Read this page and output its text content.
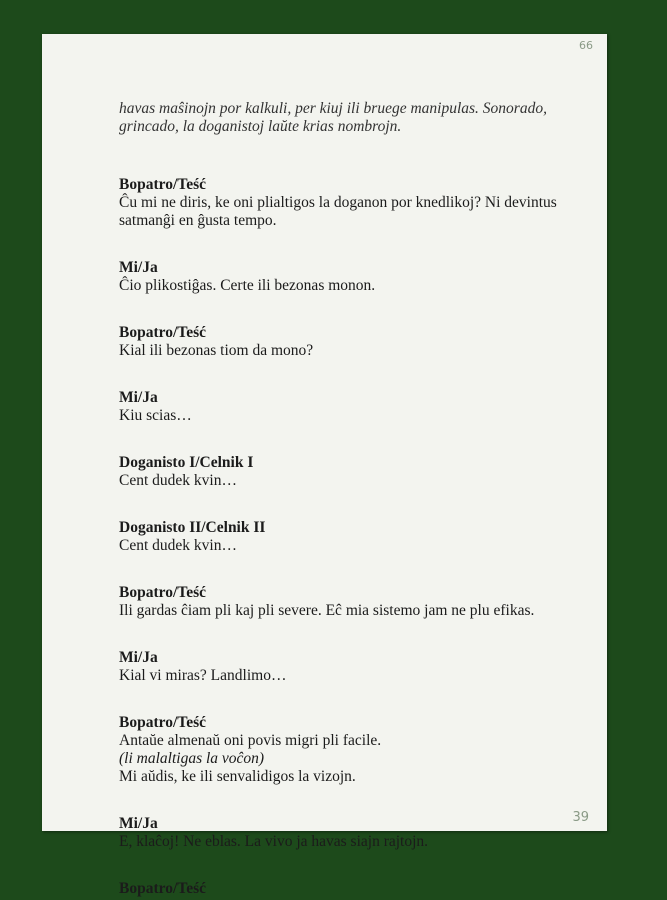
66

havas maŝinojn por kalkuli, per kiuj ili bruege manipulas. Sonorado, grincado, la doganistoj laŭte krias nombrojn.

Bopatro/Teść
Ĉu mi ne diris, ke oni plialtigos la doganon por knedlikoj? Ni devintus satmanĝi en ĝusta tempo.
Mi/Ja
Ĉio plikostiĝas. Certe ili bezonas monon.
Bopatro/Teść
Kial ili bezonas tiom da mono?
Mi/Ja
Kiu scias…
Doganisto I/Celnik I
Cent dudek kvin…
Doganisto II/Celnik II
Cent dudek kvin…
Bopatro/Teść
Ili gardas ĉiam pli kaj pli severe. Eĉ mia sistemo jam ne plu efikas.
Mi/Ja
Kial vi miras? Landlimo…
Bopatro/Teść
Antaŭe almenaŭ oni povis migri pli facile.
(li malaltigas la voĉon)
Mi aŭdis, ke ili senvalidigos la vizojn.
Mi/Ja
E, klaĉoj! Ne eblas. La vivo ja havas siajn rajtojn.
Bopatro/Teść
39
